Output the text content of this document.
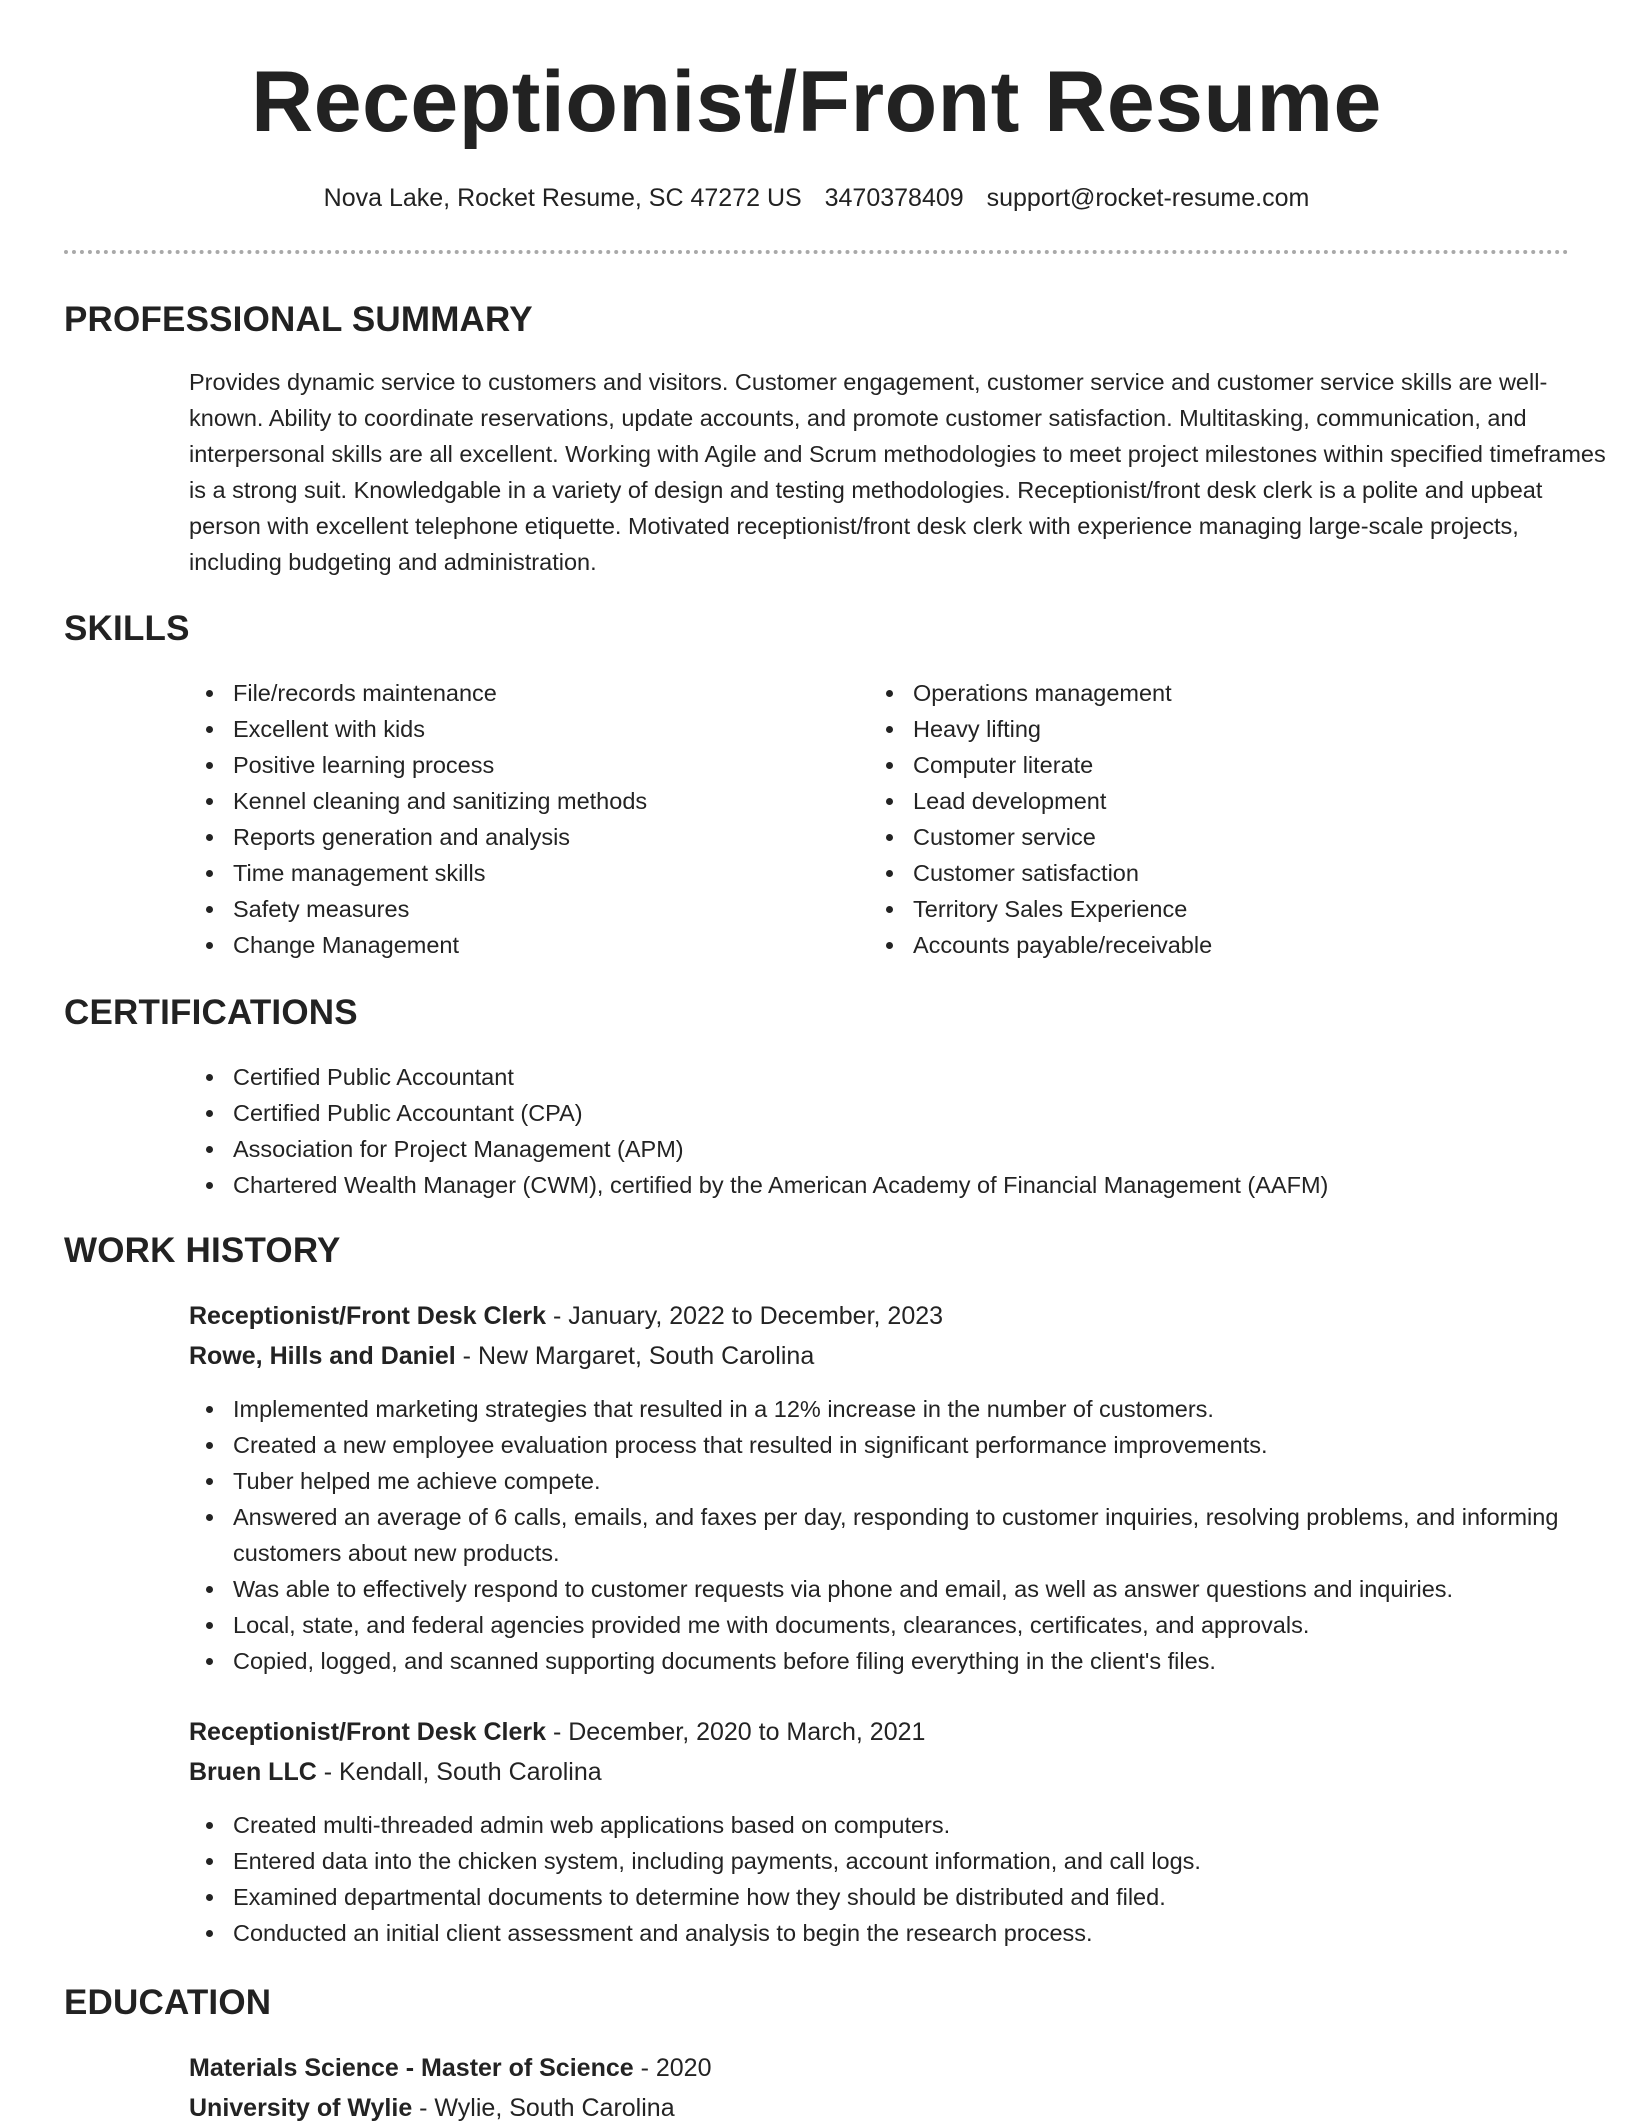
Receptionist/Front Resume
Nova Lake, Rocket Resume, SC 47272 US 3470378409 support@rocket-resume.com
PROFESSIONAL SUMMARY

Provides dynamic service to customers and visitors. Customer engagement, customer service and customer service skills are well-known. Ability to coordinate reservations, update accounts, and promote customer satisfaction. Multitasking, communication, and interpersonal skills are all excellent. Working with Agile and Scrum methodologies to meet project milestones within specified timeframes is a strong suit. Knowledgable in a variety of design and testing methodologies. Receptionist/front desk clerk is a polite and upbeat person with excellent telephone etiquette. Motivated receptionist/front desk clerk with experience managing large-scale projects, including budgeting and administration.

SKILLS
File/records maintenance
Excellent with kids
Positive learning process
Kennel cleaning and sanitizing methods
Reports generation and analysis
Time management skills
Safety measures
Change Management
Operations management
Heavy lifting
Computer literate
Lead development
Customer service
Customer satisfaction
Territory Sales Experience
Accounts payable/receivable
CERTIFICATIONS
Certified Public Accountant
Certified Public Accountant (CPA)
Association for Project Management (APM)
Chartered Wealth Manager (CWM), certified by the American Academy of Financial Management (AAFM)
WORK HISTORY

Receptionist/Front Desk Clerk - January, 2022 to December, 2023

Rowe, Hills and Daniel - New Margaret, South Carolina

Implemented marketing strategies that resulted in a 12% increase in the number of customers.
Created a new employee evaluation process that resulted in significant performance improvements.
Tuber helped me achieve compete.
Answered an average of 6 calls, emails, and faxes per day, responding to customer inquiries, resolving problems, and informing customers about new products.
Was able to effectively respond to customer requests via phone and email, as well as answer questions and inquiries.
Local, state, and federal agencies provided me with documents, clearances, certificates, and approvals.
Copied, logged, and scanned supporting documents before filing everything in the client's files.

Receptionist/Front Desk Clerk - December, 2020 to March, 2021

Bruen LLC - Kendall, South Carolina

Created multi-threaded admin web applications based on computers.
Entered data into the chicken system, including payments, account information, and call logs.
Examined departmental documents to determine how they should be distributed and filed.
Conducted an initial client assessment and analysis to begin the research process.
EDUCATION

Materials Science - Master of Science - 2020

University of Wylie - Wylie, South Carolina
